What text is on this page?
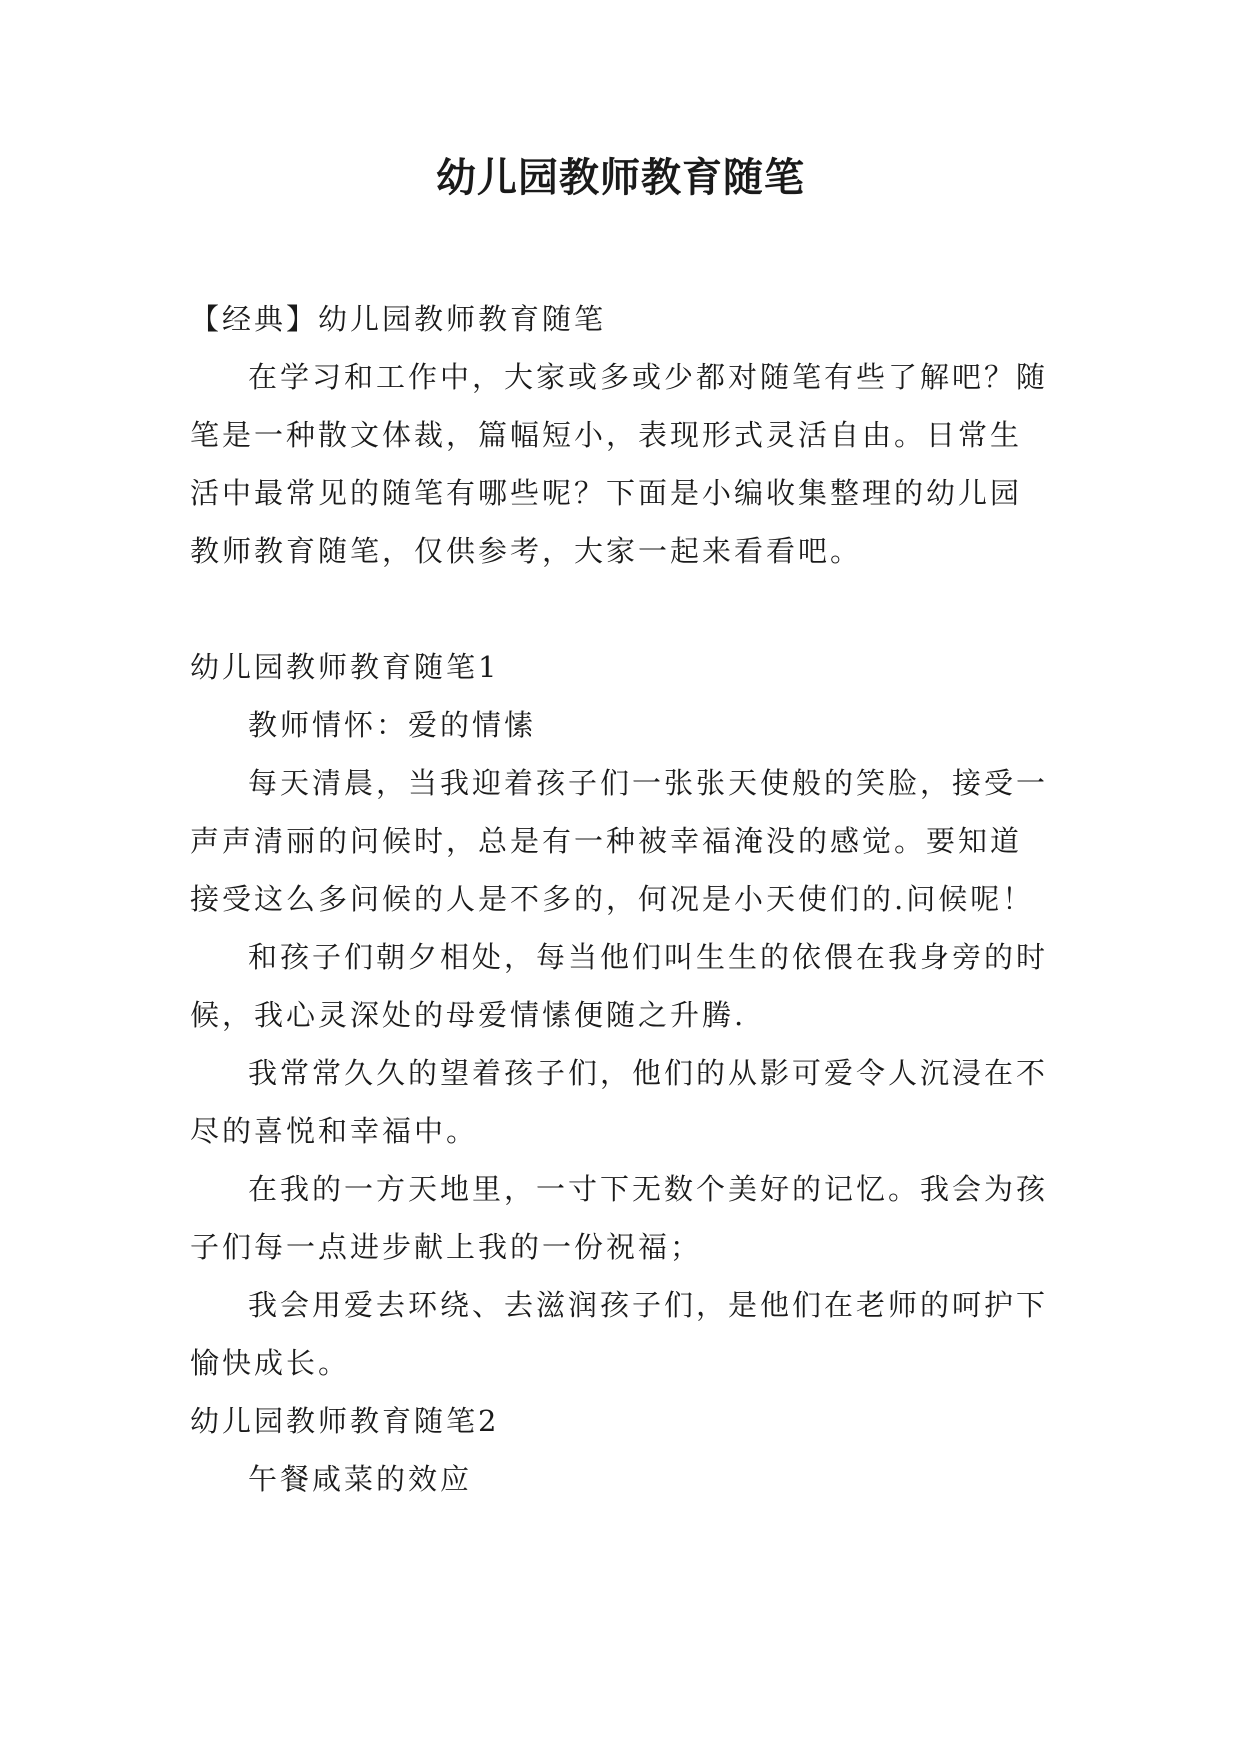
幼儿园教师教育随笔

【经典】幼儿园教师教育随笔

在学习和工作中，大家或多或少都对随笔有些了解吧？随笔是一种散文体裁，篇幅短小，表现形式灵活自由。日常生活中最常见的随笔有哪些呢？下面是小编收集整理的幼儿园教师教育随笔，仅供参考，大家一起来看看吧。

幼儿园教师教育随笔1

教师情怀：爱的情愫

每天清晨，当我迎着孩子们一张张天使般的笑脸，接受一声声清丽的问候时，总是有一种被幸福淹没的感觉。要知道接受这么多问候的人是不多的，何况是小天使们的.问候呢！

和孩子们朝夕相处，每当他们叫生生的依偎在我身旁的时候，我心灵深处的母爱情愫便随之升腾.

我常常久久的望着孩子们，他们的从影可爱令人沉浸在不尽的喜悦和幸福中。

在我的一方天地里，一寸下无数个美好的记忆。我会为孩子们每一点进步献上我的一份祝福；

我会用爱去环绕、去滋润孩子们，是他们在老师的呵护下愉快成长。

幼儿园教师教育随笔2

午餐咸菜的效应
